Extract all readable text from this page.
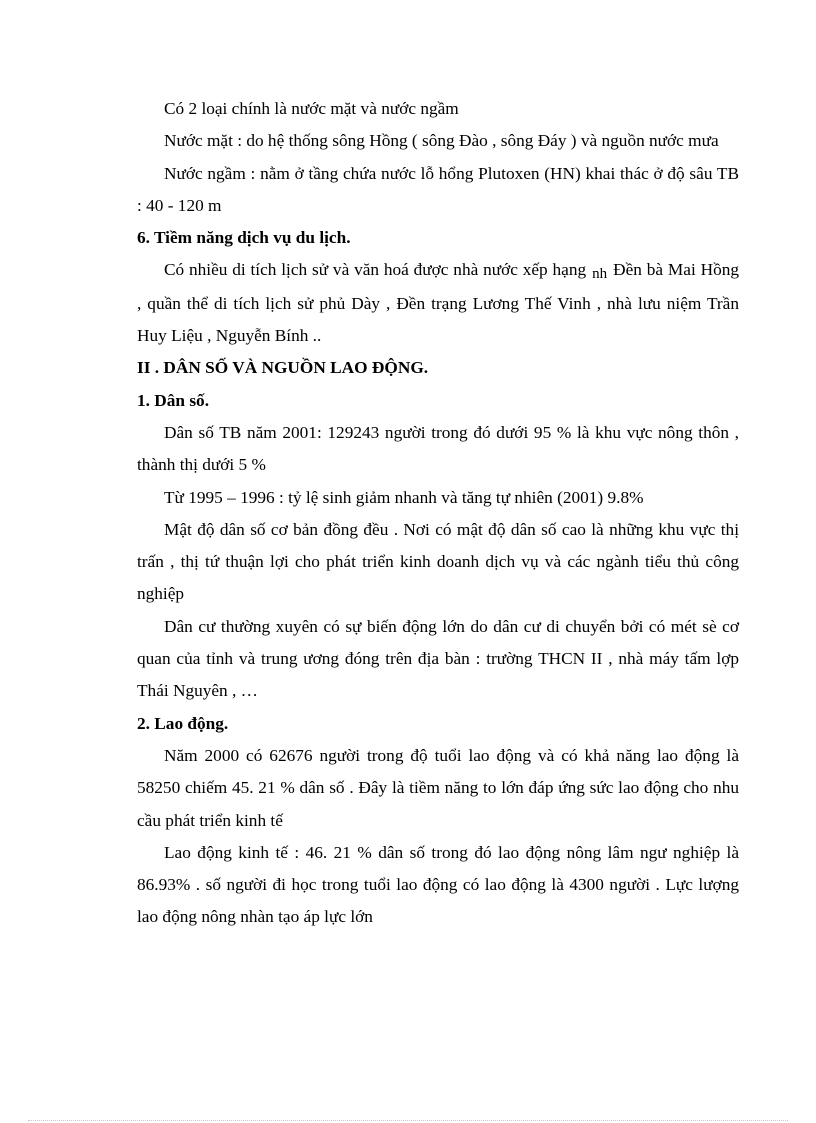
Có 2 loại chính là nước mặt và nước ngầm

Nước mặt : do hệ thống sông Hồng ( sông Đào , sông Đáy ) và nguồn nước mưa

Nước ngầm : nằm ở tầng chứa nước lỗ hổng Plutoxen (HN) khai thác ở độ sâu TB : 40 - 120 m

6. Tiềm năng dịch vụ du lịch.

Có nhiều di tích lịch sử và văn hoá được nhà nước xếp hạng nh Đền bà Mai Hồng , quần thể di tích lịch sử phủ Dày , Đền trạng Lương Thế Vinh , nhà lưu niệm Trần Huy Liệu , Nguyễn Bính ..

II . DÂN SỐ VÀ NGUỒN LAO ĐỘNG.

1. Dân số.

Dân số TB năm 2001: 129243 người trong đó dưới 95 % là khu vực nông thôn , thành thị dưới 5 %

Từ 1995 – 1996 : tỷ lệ sinh giảm nhanh và tăng tự nhiên (2001) 9.8%

Mật độ dân số cơ bản đồng đều . Nơi có mật độ dân số cao là những khu vực thị trấn , thị tứ thuận lợi cho phát triển kinh doanh dịch vụ và các ngành tiểu thủ công nghiệp

Dân cư thường xuyên có sự biến động lớn do dân cư di chuyển bởi có mét sè cơ quan của tỉnh và trung ương đóng trên địa bàn : trường THCN II , nhà máy tấm lợp Thái Nguyên , …

2. Lao động.

Năm 2000 có 62676 người trong độ tuổi lao động và có khả năng lao động là 58250 chiếm 45. 21 % dân số . Đây là tiềm năng to lớn đáp ứng sức lao động cho nhu cầu phát triển kinh tế

Lao động kinh tế : 46. 21 % dân số trong đó lao động nông lâm ngư nghiệp là 86.93% . số người đi học trong tuổi lao động có lao động là 4300 người . Lực lượng lao động nông nhàn tạo áp lực lớn
